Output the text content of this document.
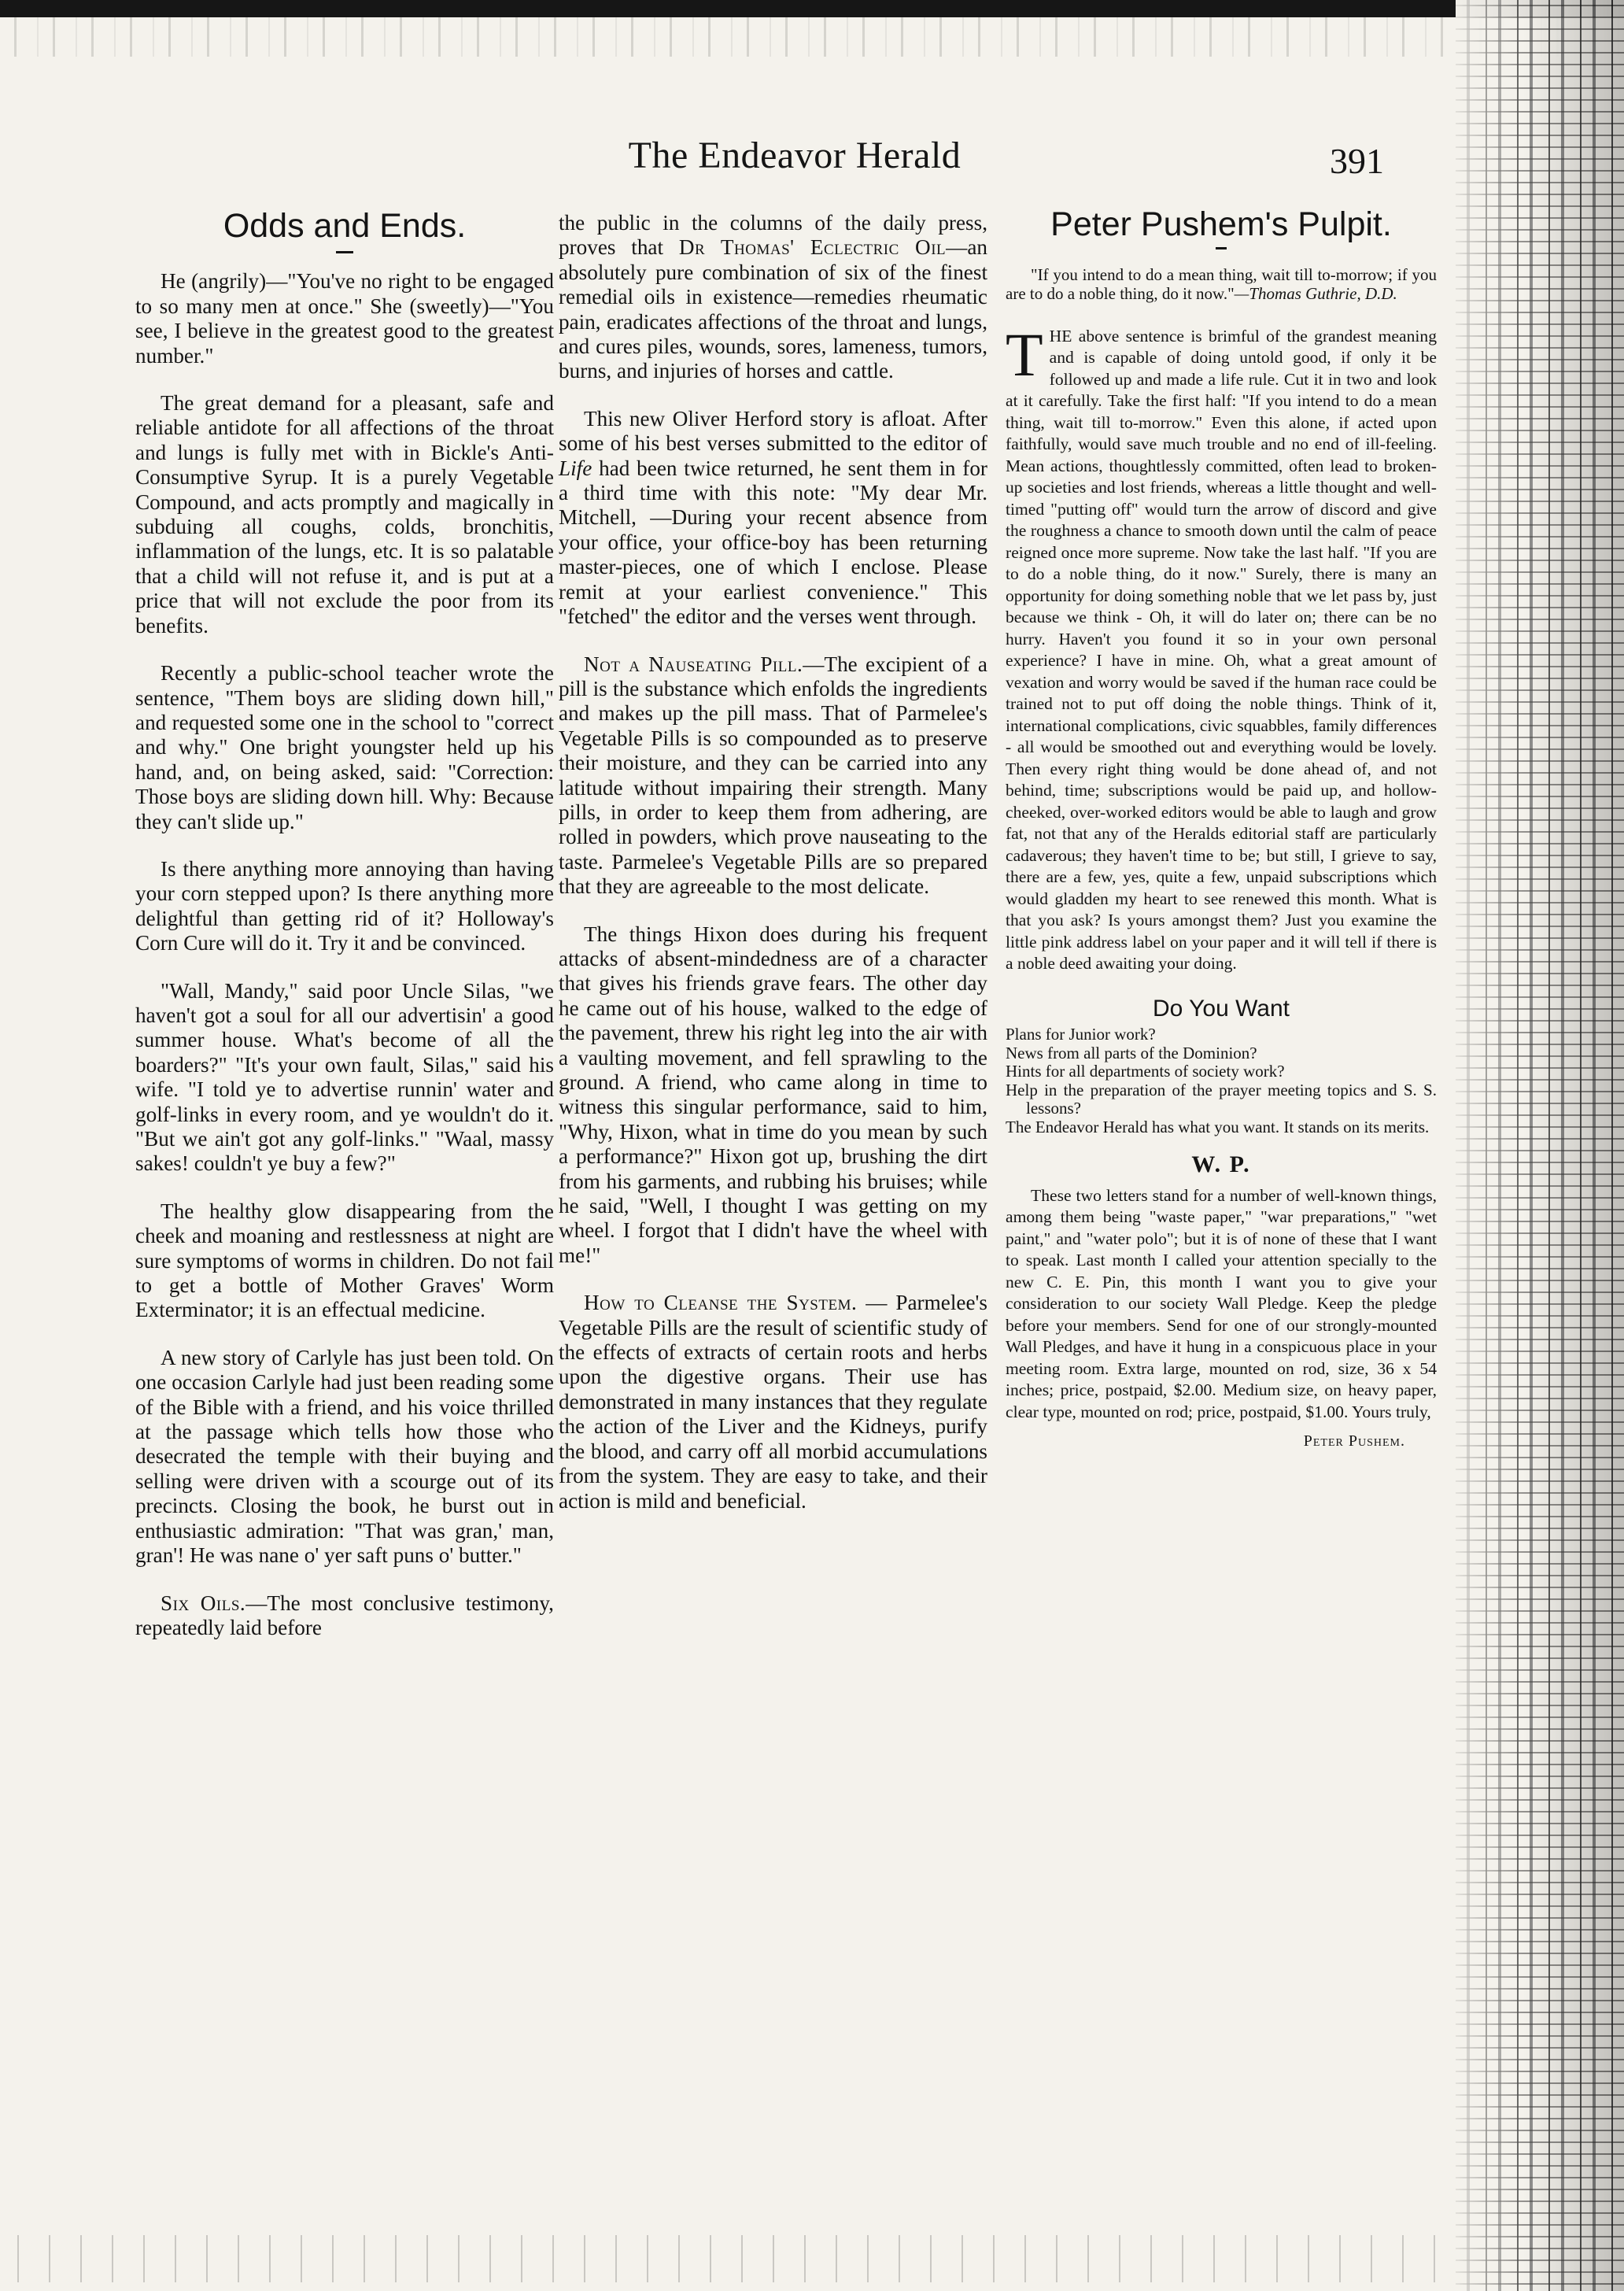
The Endeavor Herald	391
Odds and Ends.

He (angrily)—"You've no right to be engaged to so many men at once." She (sweetly)—"You see, I believe in the greatest good to the greatest number."

The great demand for a pleasant, safe and reliable antidote for all affections of the throat and lungs is fully met with in Bickle's Anti-Consumptive Syrup. It is a purely Vegetable Compound, and acts promptly and magically in subduing all coughs, colds, bronchitis, inflammation of the lungs, etc. It is so palatable that a child will not refuse it, and is put at a price that will not exclude the poor from its benefits.

Recently a public-school teacher wrote the sentence, "Them boys are sliding down hill," and requested some one in the school to "correct and why." One bright youngster held up his hand, and, on being asked, said: "Correction: Those boys are sliding down hill. Why: Because they can't slide up."

Is there anything more annoying than having your corn stepped upon? Is there anything more delightful than getting rid of it? Holloway's Corn Cure will do it. Try it and be convinced.

"Wall, Mandy," said poor Uncle Silas, "we haven't got a soul for all our advertisin' a good summer house. What's become of all the boarders?" "It's your own fault, Silas," said his wife. "I told ye to advertise runnin' water and golf-links in every room, and ye wouldn't do it. "But we ain't got any golf-links." "Waal, massy sakes! couldn't ye buy a few?"

The healthy glow disappearing from the cheek and moaning and restlessness at night are sure symptoms of worms in children. Do not fail to get a bottle of Mother Graves' Worm Exterminator; it is an effectual medicine.

A new story of Carlyle has just been told. On one occasion Carlyle had just been reading some of the Bible with a friend, and his voice thrilled at the passage which tells how those who desecrated the temple with their buying and selling were driven with a scourge out of its precincts. Closing the book, he burst out in enthusiastic admiration: "That was gran,' man, gran'! He was nane o' yer saft puns o' butter."

Six Oils.—The most conclusive testimony, repeatedly laid before

the public in the columns of the daily press, proves that Dr Thomas' Eclectric Oil—an absolutely pure combination of six of the finest remedial oils in existence—remedies rheumatic pain, eradicates affections of the throat and lungs, and cures piles, wounds, sores, lameness, tumors, burns, and injuries of horses and cattle.

This new Oliver Herford story is afloat. After some of his best verses submitted to the editor of Life had been twice returned, he sent them in for a third time with this note: "My dear Mr. Mitchell, —During your recent absence from your office, your office-boy has been returning master-pieces, one of which I enclose. Please remit at your earliest convenience." This "fetched" the editor and the verses went through.

Not a Nauseating Pill.—The excipient of a pill is the substance which enfolds the ingredients and makes up the pill mass. That of Parmelee's Vegetable Pills is so compounded as to preserve their moisture, and they can be carried into any latitude without impairing their strength. Many pills, in order to keep them from adhering, are rolled in powders, which prove nauseating to the taste. Parmelee's Vegetable Pills are so prepared that they are agreeable to the most delicate.

The things Hixon does during his frequent attacks of absent-mindedness are of a character that gives his friends grave fears. The other day he came out of his house, walked to the edge of the pavement, threw his right leg into the air with a vaulting movement, and fell sprawling to the ground. A friend, who came along in time to witness this singular performance, said to him, "Why, Hixon, what in time do you mean by such a performance?" Hixon got up, brushing the dirt from his garments, and rubbing his bruises; while he said, "Well, I thought I was getting on my wheel. I forgot that I didn't have the wheel with me!"

How to Cleanse the System. — Parmelee's Vegetable Pills are the result of scientific study of the effects of extracts of certain roots and herbs upon the digestive organs. Their use has demonstrated in many instances that they regulate the action of the Liver and the Kidneys, purify the blood, and carry off all morbid accumulations from the system. They are easy to take, and their action is mild and beneficial.

Peter Pushem's Pulpit.

"If you intend to do a mean thing, wait till to-morrow; if you are to do a noble thing, do it now."—Thomas Guthrie, D.D.

THE above sentence is brimful of the grandest meaning and is capable of doing untold good, if only it be followed up and made a life rule. Cut it in two and look at it carefully. Take the first half: "If you intend to do a mean thing, wait till to-morrow." Even this alone, if acted upon faithfully, would save much trouble and no end of ill-feeling. Mean actions, thoughtlessly committed, often lead to broken-up societies and lost friends, whereas a little thought and well-timed "putting off" would turn the arrow of discord and give the roughness a chance to smooth down until the calm of peace reigned once more supreme. Now take the last half. "If you are to do a noble thing, do it now." Surely, there is many an opportunity for doing something noble that we let pass by, just because we think - Oh, it will do later on; there can be no hurry. Haven't you found it so in your own personal experience? I have in mine. Oh, what a great amount of vexation and worry would be saved if the human race could be trained not to put off doing the noble things. Think of it, international complications, civic squabbles, family differences - all would be smoothed out and everything would be lovely. Then every right thing would be done ahead of, and not behind, time; subscriptions would be paid up, and hollow-cheeked, over-worked editors would be able to laugh and grow fat, not that any of the Heralds editorial staff are particularly cadaverous; they haven't time to be; but still, I grieve to say, there are a few, yes, quite a few, unpaid subscriptions which would gladden my heart to see renewed this month. What is that you ask? Is yours amongst them? Just you examine the little pink address label on your paper and it will tell if there is a noble deed awaiting your doing.

Do You Want
Plans for Junior work?
News from all parts of the Dominion?
Hints for all departments of society work?
Help in the preparation of the prayer meeting topics and S. S. lessons?
The Endeavor Herald has what you want. It stands on its merits.
W. P.

These two letters stand for a number of well-known things, among them being "waste paper," "war preparations," "wet paint," and "water polo"; but it is of none of these that I want to speak. Last month I called your attention specially to the new C. E. Pin, this month I want you to give your consideration to our society Wall Pledge. Keep the pledge before your members. Send for one of our strongly-mounted Wall Pledges, and have it hung in a conspicuous place in your meeting room. Extra large, mounted on rod, size, 36 x 54 inches; price, postpaid, $2.00. Medium size, on heavy paper, clear type, mounted on rod; price, postpaid, $1.00. Yours truly,

Peter Pushem.
